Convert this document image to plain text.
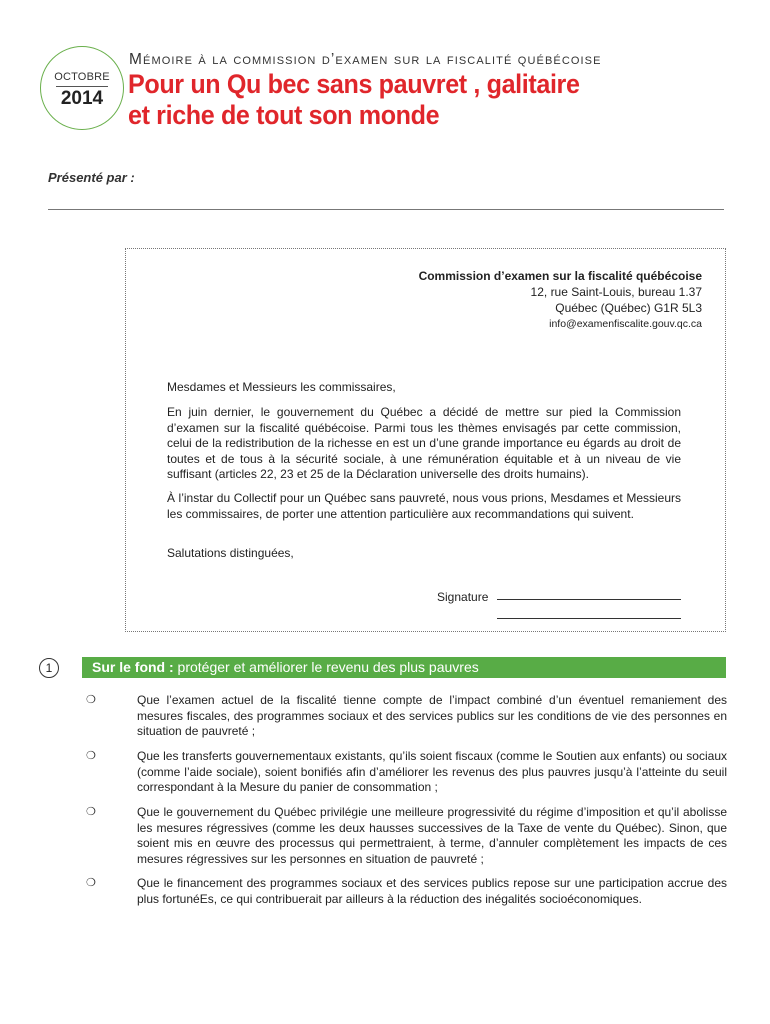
OCTOBRE
2014
Mémoire à la commission d’examen sur la fiscalité québécoise
Pour un Qu bec sans pauvret , galitaire
et riche de tout son monde
Présenté par :
Commission d’examen sur la fiscalité québécoise
12, rue Saint-Louis, bureau 1.37
Québec (Québec) G1R 5L3
info@examenfiscalite.gouv.qc.ca
Mesdames et Messieurs les commissaires,
En juin dernier, le gouvernement du Québec a décidé de mettre sur pied la Commission d’examen sur la fiscalité québécoise. Parmi tous les thèmes envisagés par cette commission, celui de la redistribution de la richesse en est un d’une grande importance eu égards au droit de toutes et de tous à la sécurité sociale, à une rémunération équitable et à un niveau de vie suffisant (articles 22, 23 et 25 de la Déclaration universelle des droits humains).
À l’instar du Collectif pour un Québec sans pauvreté, nous vous prions, Mesdames et Messieurs les commissaires, de porter une attention particulière aux recommandations qui suivent.
Salutations distinguées,
Signature
1	Sur le fond : protéger et améliorer le revenu des plus pauvres
❍	Que l’examen actuel de la fiscalité tienne compte de l’impact combiné d’un éventuel remaniement des mesures fiscales, des programmes sociaux et des services publics sur les conditions de vie des personnes en situation de pauvreté ;
❍	Que les transferts gouvernementaux existants, qu’ils soient fiscaux (comme le Soutien aux enfants) ou sociaux (comme l’aide sociale), soient bonifiés afin d’améliorer les revenus des plus pauvres jusqu’à l’atteinte du seuil correspondant à la Mesure du panier de consommation ;
❍	Que le gouvernement du Québec privilégie une meilleure progressivité du régime d’imposition et qu’il abolisse les mesures régressives (comme les deux hausses successives de la Taxe de vente du Québec). Sinon, que soient mis en œuvre des processus qui permettraient, à terme, d’annuler complètement les impacts de ces mesures régressives sur les personnes en situation de pauvreté ;
❍	Que le financement des programmes sociaux et des services publics repose sur une participation accrue des plus fortunéEs, ce qui contribuerait par ailleurs à la réduction des inégalités socioéconomiques.
